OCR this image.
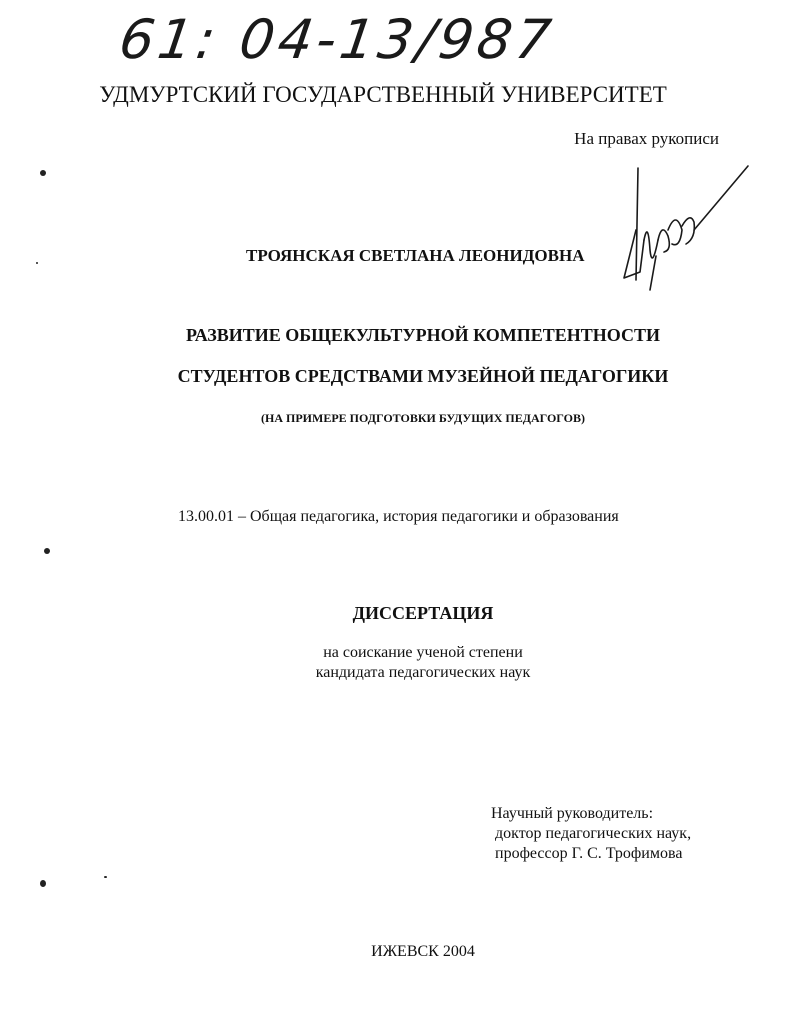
61: 04-13/987
УДМУРТСКИЙ ГОСУДАРСТВЕННЫЙ УНИВЕРСИТЕТ
На правах рукописи
ТРОЯНСКАЯ СВЕТЛАНА ЛЕОНИДОВНА
РАЗВИТИЕ ОБЩЕКУЛЬТУРНОЙ КОМПЕТЕНТНОСТИ
СТУДЕНТОВ СРЕДСТВАМИ МУЗЕЙНОЙ ПЕДАГОГИКИ
(НА ПРИМЕРЕ ПОДГОТОВКИ БУДУЩИХ ПЕДАГОГОВ)
13.00.01 – Общая педагогика, история педагогики и образования
ДИССЕРТАЦИЯ
на соискание ученой степени
кандидата педагогических наук
Научный руководитель:
доктор педагогических наук,
профессор Г. С. Трофимова
ИЖЕВСК 2004
